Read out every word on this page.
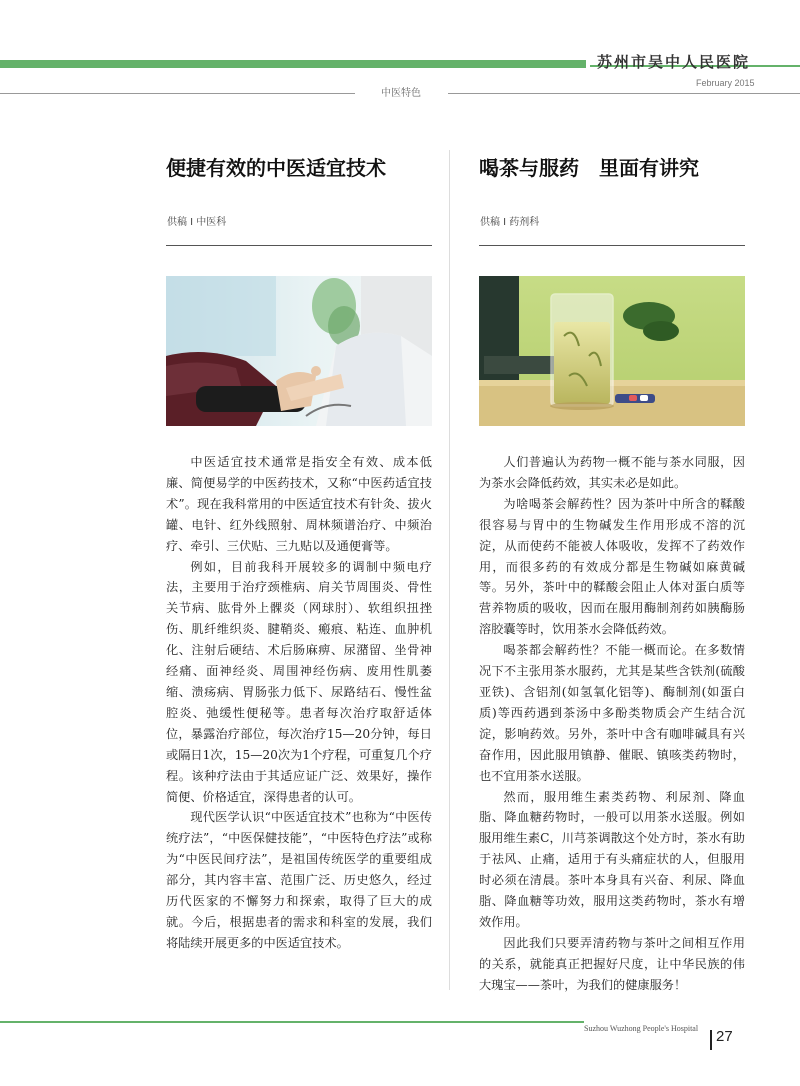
苏州市吴中人民医院
February 2015
中医特色
便捷有效的中医适宜技术
供稿 I 中医科

中医适宜技术通常是指安全有效、成本低廉、简便易学的中医药技术，又称“中医药适宜技术”。现在我科常用的中医适宜技术有针灸、拔火罐、电针、红外线照射、周林频谱治疗、中频治疗、牵引、三伏贴、三九贴以及通便膏等。

例如，目前我科开展较多的调制中频电疗法，主要用于治疗颈椎病、肩关节周围炎、骨性关节病、肱骨外上髁炎（网球肘）、软组织扭挫伤、肌纤维织炎、腱鞘炎、瘢痕、粘连、血肿机化、注射后硬结、术后肠麻痹、尿潴留、坐骨神经痛、面神经炎、周围神经伤病、废用性肌萎缩、溃疡病、胃肠张力低下、尿路结石、慢性盆腔炎、弛缓性便秘等。患者每次治疗取舒适体位，暴露治疗部位，每次治疗15—20分钟，每日或隔日1次，15—20次为1个疗程，可重复几个疗程。该种疗法由于其适应证广泛、效果好，操作简便、价格适宜，深得患者的认可。

现代医学认识“中医适宜技术”也称为“中医传统疗法”，“中医保健技能”，“中医特色疗法”或称为“中医民间疗法”，是祖国传统医学的重要组成部分，其内容丰富、范围广泛、历史悠久，经过历代医家的不懈努力和探索，取得了巨大的成就。今后，根据患者的需求和科室的发展，我们将陆续开展更多的中医适宜技术。

喝茶与服药　里面有讲究
供稿 I 药剂科

人们普遍认为药物一概不能与茶水同服，因为茶水会降低药效，其实未必是如此。

为啥喝茶会解药性？因为茶叶中所含的鞣酸很容易与胃中的生物碱发生作用形成不溶的沉淀，从而使药不能被人体吸收，发挥不了药效作用，而很多药的有效成分都是生物碱如麻黄碱等。另外，茶叶中的鞣酸会阻止人体对蛋白质等营养物质的吸收，因而在服用酶制剂药如胰酶肠溶胶囊等时，饮用茶水会降低药效。

喝茶都会解药性？不能一概而论。在多数情况下不主张用茶水服药，尤其是某些含铁剂(硫酸亚铁)、含铝剂(如氢氧化铝等)、酶制剂(如蛋白质)等西药遇到茶汤中多酚类物质会产生结合沉淀，影响药效。另外，茶叶中含有咖啡碱具有兴奋作用，因此服用镇静、催眠、镇咳类药物时，也不宜用茶水送服。

然而，服用维生素类药物、利尿剂、降血脂、降血糖药物时，一般可以用茶水送服。例如服用维生素C，川芎茶调散这个处方时，茶水有助于祛风、止痛，适用于有头痛症状的人，但服用时必须在清晨。茶叶本身具有兴奋、利尿、降血脂、降血糖等功效，服用这类药物时，茶水有增效作用。

因此我们只要弄清药物与茶叶之间相互作用的关系，就能真正把握好尺度，让中华民族的伟大瑰宝——茶叶，为我们的健康服务！

Suzhou Wuzhong People's Hospital 27
